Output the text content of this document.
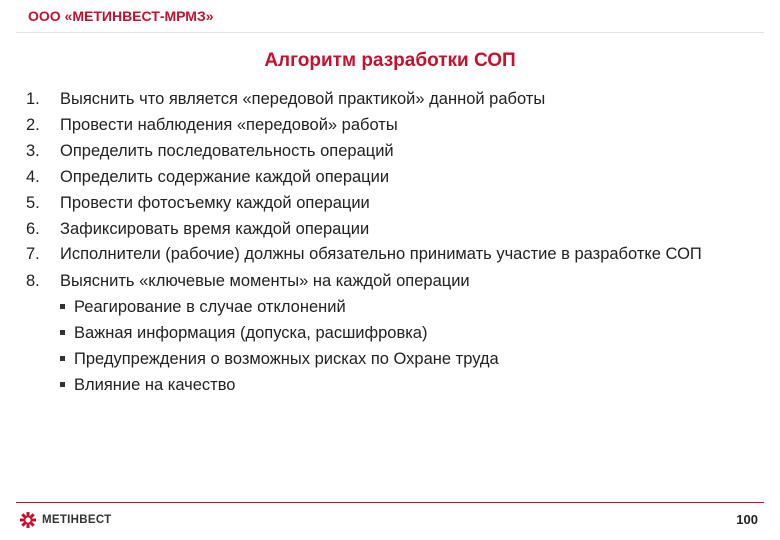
ООО «МЕТИНВЕСТ-МРМЗ»
Алгоритм разработки СОП
1.	Выяснить что является «передовой практикой» данной работы
2.	Провести наблюдения «передовой» работы
3.	Определить последовательность операций
4.	Определить содержание каждой операции
5.	Провести фотосъемку каждой операции
6.	Зафиксировать время каждой операции
7.	Исполнители (рабочие) должны обязательно принимать участие в разработке СОП
8.	Выяснить «ключевые моменты» на каждой операции
Реагирование в случае отклонений
Важная информация (допуска, расшифровка)
Предупреждения о возможных рисках по Охране труда
Влияние на качество
МЕТІНВЕСТ	100
